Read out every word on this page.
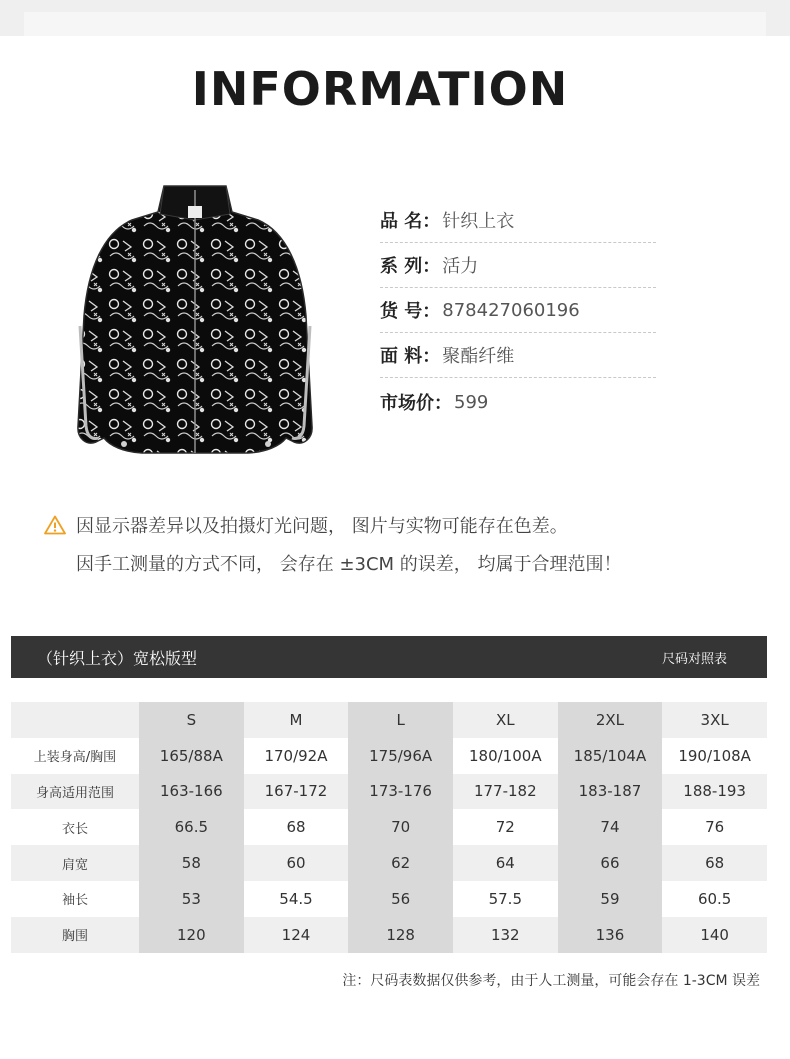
INFORMATION
品 名： 针织上衣
系 列： 活力
货 号： 878427060196
面 料： 聚酯纤维
市场价： 599
因显示器差异以及拍摄灯光问题， 图片与实物可能存在色差。
因手工测量的方式不同， 会存在 ±3CM 的误差， 均属于合理范围！
（针织上衣）宽松版型	尺码对照表
	S	M	L	XL	2XL	3XL
上装身高/胸围	165/88A	170/92A	175/96A	180/100A	185/104A	190/108A
身高适用范围	163-166	167-172	173-176	177-182	183-187	188-193
衣长	66.5	68	70	72	74	76
肩宽	58	60	62	64	66	68
袖长	53	54.5	56	57.5	59	60.5
胸围	120	124	128	132	136	140
注：尺码表数据仅供参考，由于人工测量，可能会存在 1-3CM 误差
